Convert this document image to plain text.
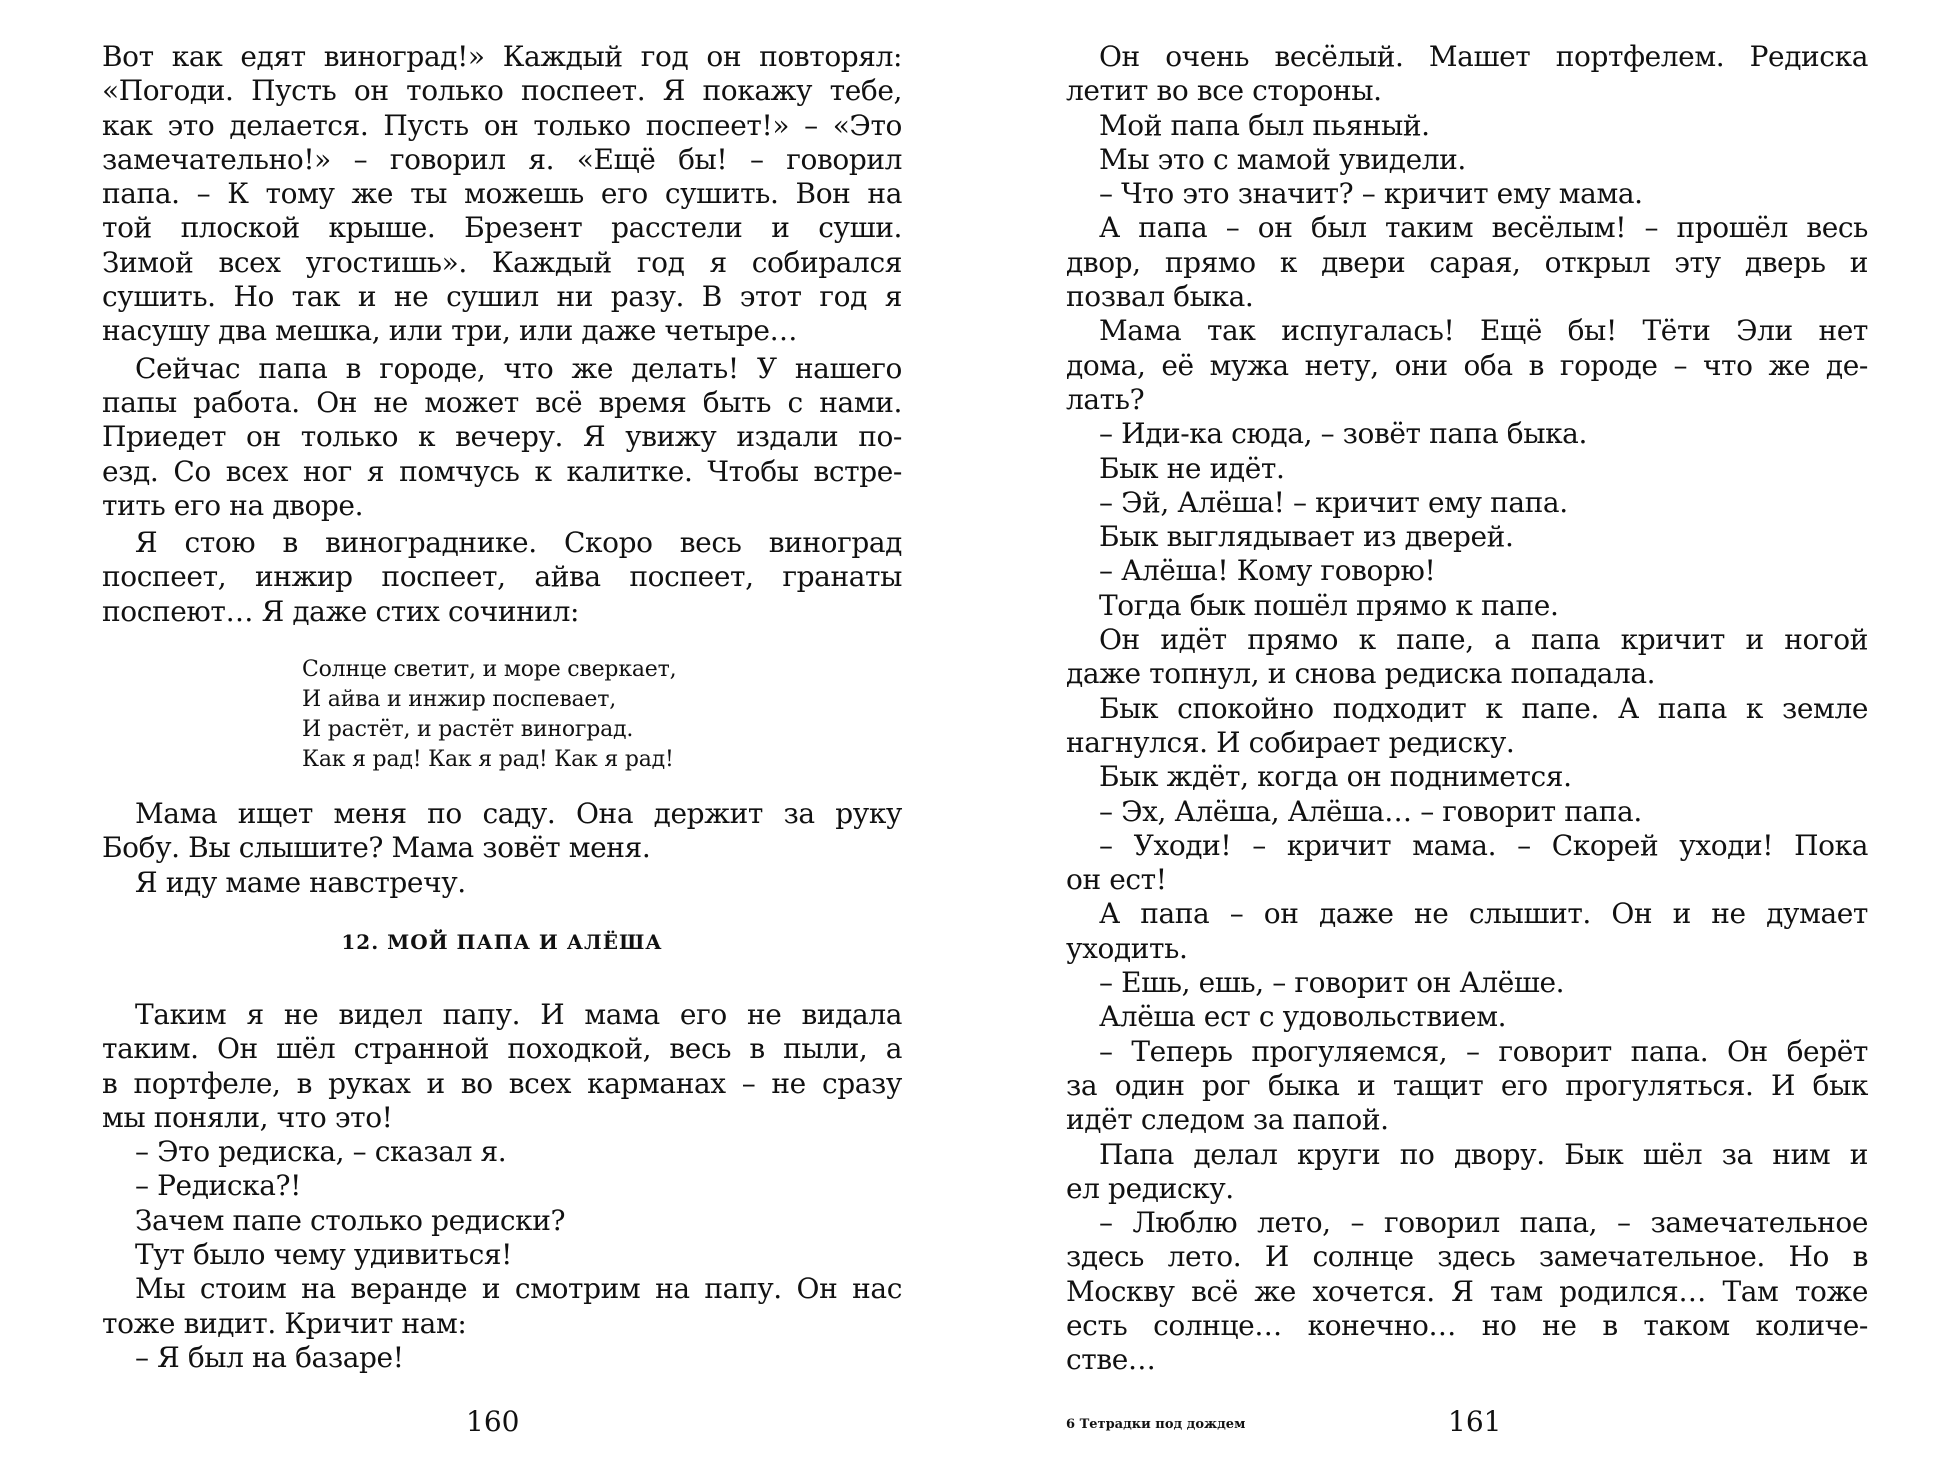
Вот как едят виноград!» Каждый год он повторял:
«Погоди. Пусть он только поспеет. Я покажу тебе,
как это делается. Пусть он только поспеет!» – «Это
замечательно!» – говорил я. «Ещё бы! – говорил
папа. – К тому же ты можешь его сушить. Вон на
той плоской крыше. Брезент расстели и суши.
Зимой всех угостишь». Каждый год я собирался
сушить. Но так и не сушил ни разу. В этот год я
насушу два мешка, или три, или даже четыре…
Сейчас папа в городе, что же делать! У нашего
папы работа. Он не может всё время быть с нами.
Приедет он только к вечеру. Я увижу издали по-
езд. Со всех ног я помчусь к калитке. Чтобы встре-
тить его на дворе.
Я стою в винограднике. Скоро весь виноград
поспеет, инжир поспеет, айва поспеет, гранаты
поспеют… Я даже стих сочинил:
Солнце светит, и море сверкает,
И айва и инжир поспевает,
И растёт, и растёт виноград.
Как я рад! Как я рад! Как я рад!
Мама ищет меня по саду. Она держит за руку
Бобу. Вы слышите? Мама зовёт меня.
Я иду маме навстречу.
12. МОЙ ПАПА И АЛЁША
Таким я не видел папу. И мама его не видала
таким. Он шёл странной походкой, весь в пыли, а
в портфеле, в руках и во всех карманах – не сразу
мы поняли, что это!
– Это редиска, – сказал я.
– Редиска?!
Зачем папе столько редиски?
Тут было чему удивиться!
Мы стоим на веранде и смотрим на папу. Он нас
тоже видит. Кричит нам:
– Я был на базаре!
160
Он очень весёлый. Машет портфелем. Редиска
летит во все стороны.
Мой папа был пьяный.
Мы это с мамой увидели.
– Что это значит? – кричит ему мама.
А папа – он был таким весёлым! – прошёл весь
двор, прямо к двери сарая, открыл эту дверь и
позвал быка.
Мама так испугалась! Ещё бы! Тёти Эли нет
дома, её мужа нету, они оба в городе – что же де-
лать?
– Иди-ка сюда, – зовёт папа быка.
Бык не идёт.
– Эй, Алёша! – кричит ему папа.
Бык выглядывает из дверей.
– Алёша! Кому говорю!
Тогда бык пошёл прямо к папе.
Он идёт прямо к папе, а папа кричит и ногой
даже топнул, и снова редиска попадала.
Бык спокойно подходит к папе. А папа к земле
нагнулся. И собирает редиску.
Бык ждёт, когда он поднимется.
– Эх, Алёша, Алёша… – говорит папа.
– Уходи! – кричит мама. – Скорей уходи! Пока
он ест!
А папа – он даже не слышит. Он и не думает
уходить.
– Ешь, ешь, – говорит он Алёше.
Алёша ест с удовольствием.
– Теперь прогуляемся, – говорит папа. Он берёт
за один рог быка и тащит его прогуляться. И бык
идёт следом за папой.
Папа делал круги по двору. Бык шёл за ним и
ел редиску.
– Люблю лето, – говорил папа, – замечательное
здесь лето. И солнце здесь замечательное. Но в
Москву всё же хочется. Я там родился… Там тоже
есть солнце… конечно… но не в таком количе-
стве…
6 Тетрадки под дождем	161
